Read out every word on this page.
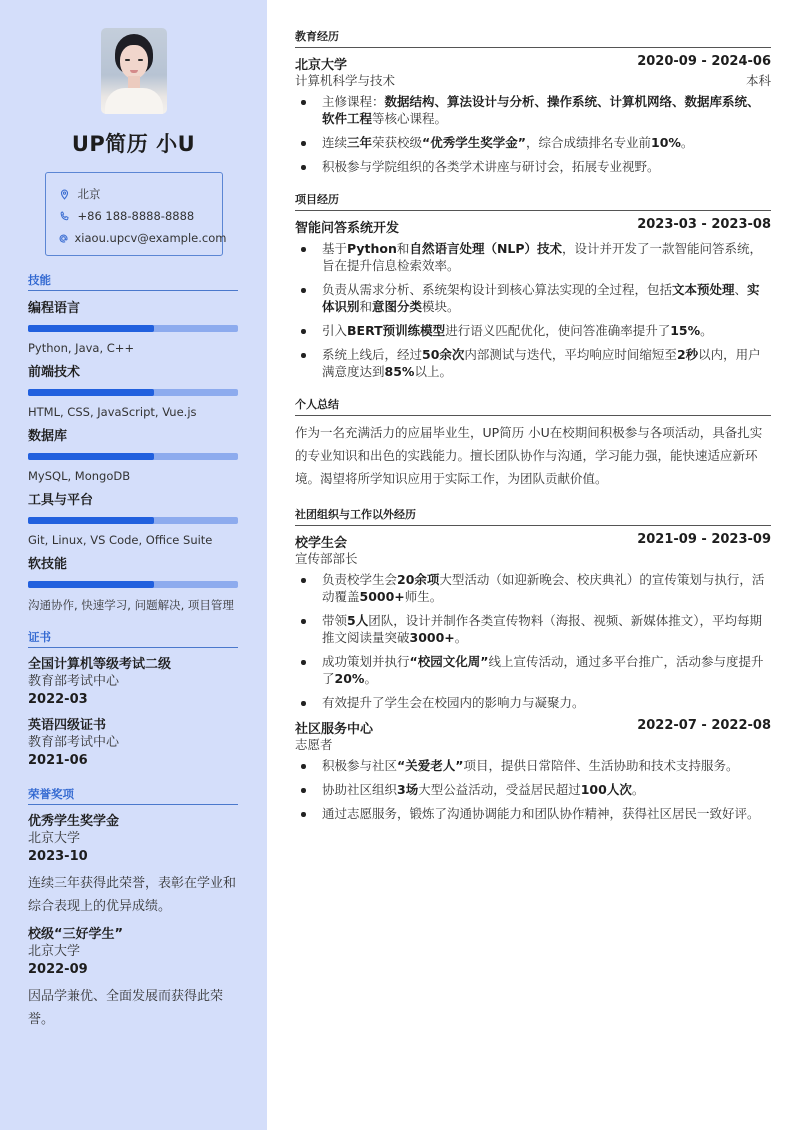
UP简历 小U
北京
+86 188-8888-8888
xiaou.upcv@example.com
技能
编程语言
Python, Java, C++
前端技术
HTML, CSS, JavaScript, Vue.js
数据库
MySQL, MongoDB
工具与平台
Git, Linux, VS Code, Office Suite
软技能
沟通协作, 快速学习, 问题解决, 项目管理
证书
全国计算机等级考试二级
教育部考试中心
2022-03
英语四级证书
教育部考试中心
2021-06
荣誉奖项
优秀学生奖学金
北京大学
2023-10
连续三年获得此荣誉，表彰在学业和综合表现上的优异成绩。
校级“三好学生”
北京大学
2022-09
因品学兼优、全面发展而获得此荣誉。
教育经历
北京大学	2020-09 - 2024-06
计算机科学与技术	本科
主修课程：数据结构、算法设计与分析、操作系统、计算机网络、数据库系统、软件工程等核心课程。
连续三年荣获校级“优秀学生奖学金”，综合成绩排名专业前10%。
积极参与学院组织的各类学术讲座与研讨会，拓展专业视野。
项目经历
智能问答系统开发	2023-03 - 2023-08
基于Python和自然语言处理（NLP）技术，设计并开发了一款智能问答系统，旨在提升信息检索效率。
负责从需求分析、系统架构设计到核心算法实现的全过程，包括文本预处理、实体识别和意图分类模块。
引入BERT预训练模型进行语义匹配优化，使问答准确率提升了15%。
系统上线后，经过50余次内部测试与迭代，平均响应时间缩短至2秒以内，用户满意度达到85%以上。
个人总结

作为一名充满活力的应届毕业生，UP简历 小U在校期间积极参与各项活动，具备扎实的专业知识和出色的实践能力。擅长团队协作与沟通，学习能力强，能快速适应新环境。渴望将所学知识应用于实际工作，为团队贡献价值。

社团组织与工作以外经历
校学生会	2021-09 - 2023-09
宣传部部长
负责校学生会20余项大型活动（如迎新晚会、校庆典礼）的宣传策划与执行，活动覆盖5000+师生。
带领5人团队，设计并制作各类宣传物料（海报、视频、新媒体推文），平均每期推文阅读量突破3000+。
成功策划并执行“校园文化周”线上宣传活动，通过多平台推广，活动参与度提升了20%。
有效提升了学生会在校园内的影响力与凝聚力。
社区服务中心	2022-07 - 2022-08
志愿者
积极参与社区“关爱老人”项目，提供日常陪伴、生活协助和技术支持服务。
协助社区组织3场大型公益活动，受益居民超过100人次。
通过志愿服务，锻炼了沟通协调能力和团队协作精神，获得社区居民一致好评。
